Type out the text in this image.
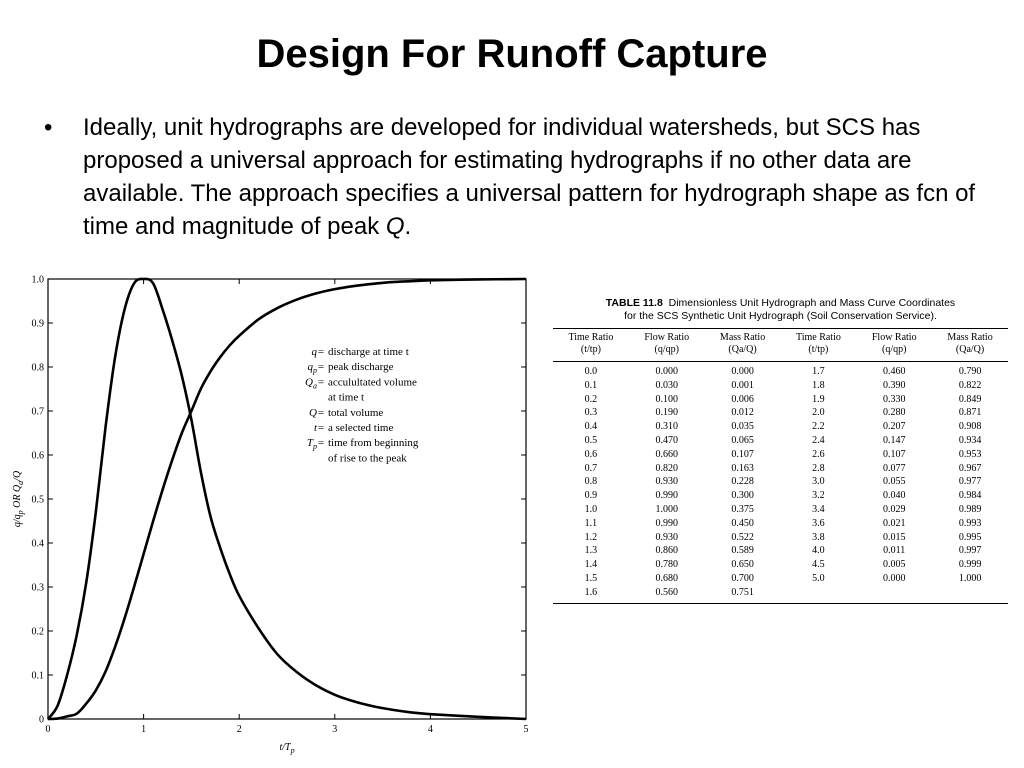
Design For Runoff Capture
• Ideally, unit hydrographs are developed for individual watersheds, but SCS has proposed a universal approach for estimating hydrographs if no other data are available. The approach specifies a universal pattern for hydrograph shape as fcn of time and magnitude of peak Q.
0	1	2	3	4	5
0
0.1
0.2
0.3
0.4
0.5
0.6
0.7
0.8
0.9
1.0
$t/T_p$
$q/q_p$ OR $Q_a/Q$
q = discharge at time t
$q_p$ = peak discharge
$Q_a$ = acculultated volume
at time t
Q = total volume
t = a selected time
$T_p$ = time from beginning
of rise to the peak
TABLE 11.8 Dimensionless Unit Hydrograph and Mass Curve Coordinates
for the SCS Synthetic Unit Hydrograph (Soil Conservation Service).
Time Ratio	Flow Ratio	Mass Ratio	Time Ratio	Flow Ratio	Mass Ratio
(t/tp)	(q/qp)	(Qa/Q)	(t/tp)	(q/qp)	(Qa/Q)
0.0	0.000	0.000	1.7	0.460	0.790
0.1	0.030	0.001	1.8	0.390	0.822
0.2	0.100	0.006	1.9	0.330	0.849
0.3	0.190	0.012	2.0	0.280	0.871
0.4	0.310	0.035	2.2	0.207	0.908
0.5	0.470	0.065	2.4	0.147	0.934
0.6	0.660	0.107	2.6	0.107	0.953
0.7	0.820	0.163	2.8	0.077	0.967
0.8	0.930	0.228	3.0	0.055	0.977
0.9	0.990	0.300	3.2	0.040	0.984
1.0	1.000	0.375	3.4	0.029	0.989
1.1	0.990	0.450	3.6	0.021	0.993
1.2	0.930	0.522	3.8	0.015	0.995
1.3	0.860	0.589	4.0	0.011	0.997
1.4	0.780	0.650	4.5	0.005	0.999
1.5	0.680	0.700	5.0	0.000	1.000
1.6	0.560	0.751			
